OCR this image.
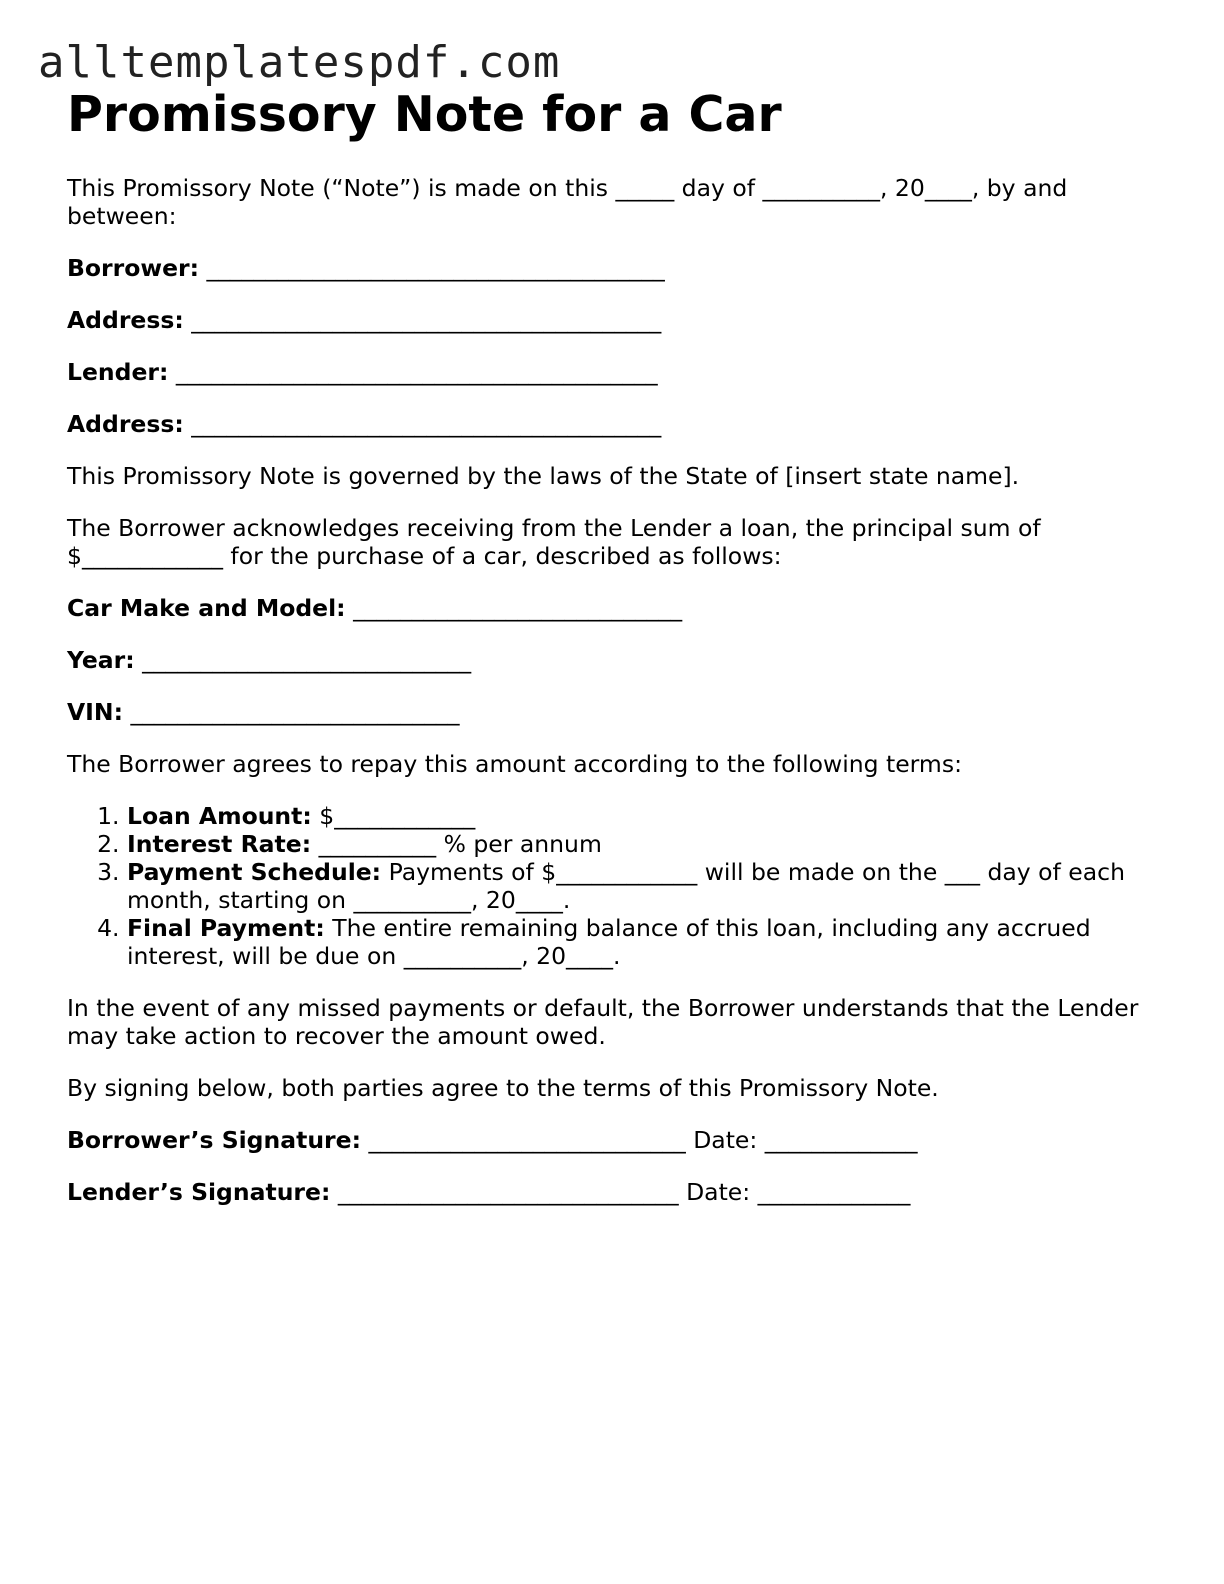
alltemplatespdf.com
Promissory Note for a Car

This Promissory Note (“Note”) is made on this _____ day of __________, 20____, by and between:

Borrower: _______________________________________

Address: ________________________________________

Lender: _________________________________________

Address: ________________________________________

This Promissory Note is governed by the laws of the State of [insert state name].

The Borrower acknowledges receiving from the Lender a loan, the principal sum of $____________ for the purchase of a car, described as follows:

Car Make and Model: ____________________________

Year: ____________________________

VIN: ____________________________

The Borrower agrees to repay this amount according to the following terms:

1. Loan Amount: $____________
2. Interest Rate: __________ % per annum
3. Payment Schedule: Payments of $____________ will be made on the ___ day of each month, starting on __________, 20____.
4. Final Payment: The entire remaining balance of this loan, including any accrued interest, will be due on __________, 20____.

In the event of any missed payments or default, the Borrower understands that the Lender may take action to recover the amount owed.

By signing below, both parties agree to the terms of this Promissory Note.

Borrower’s Signature: ___________________________ Date: _____________

Lender’s Signature: _____________________________ Date: _____________
